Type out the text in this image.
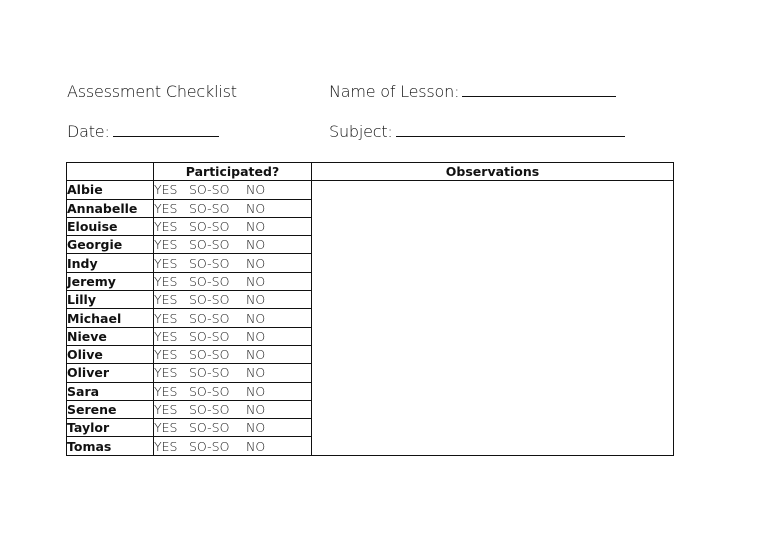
Assessment Checklist	Name of Lesson:
Date:	Subject:
	Participated?	Observations
Albie	YES SO-SO NO	
Annabelle	YES SO-SO NO	
Elouise	YES SO-SO NO	
Georgie	YES SO-SO NO	
Indy	YES SO-SO NO	
Jeremy	YES SO-SO NO	
Lilly	YES SO-SO NO	
Michael	YES SO-SO NO	
Nieve	YES SO-SO NO	
Olive	YES SO-SO NO	
Oliver	YES SO-SO NO	
Sara	YES SO-SO NO	
Serene	YES SO-SO NO	
Taylor	YES SO-SO NO	
Tomas	YES SO-SO NO	
